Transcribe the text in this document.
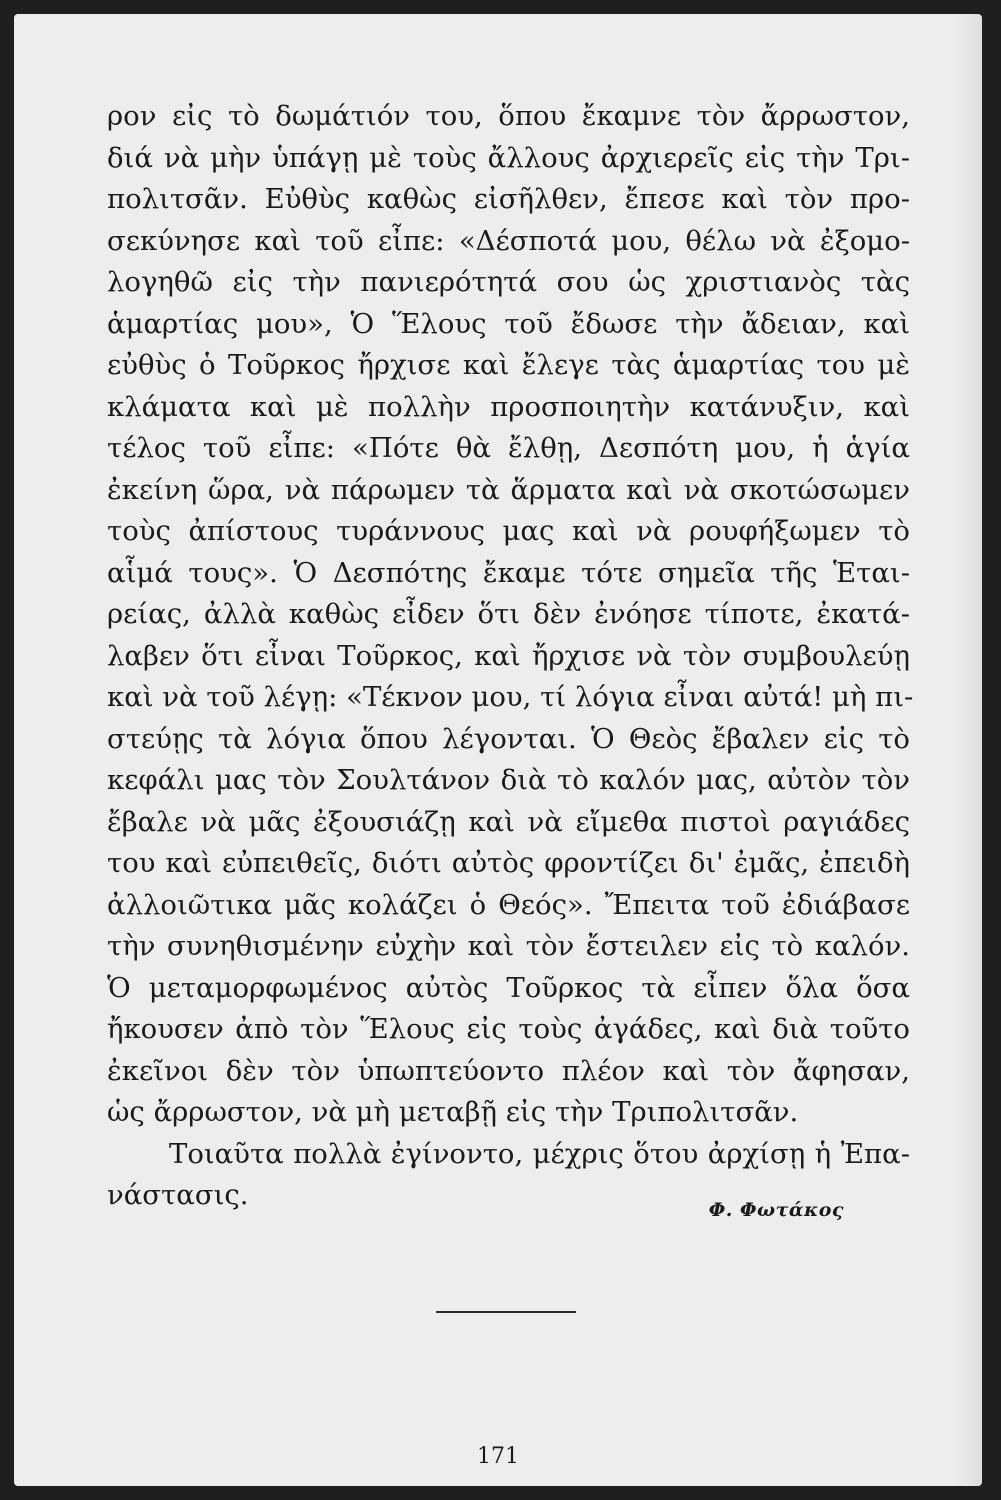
ρον εἰς τὸ δωμάτιόν του, ὅπου ἔκαμνε τὸν ἄρρωστον,
διά νὰ μὴν ὑπάγῃ μὲ τοὺς ἄλλους ἀρχιερεῖς εἰς τὴν Τρι-
πολιτσᾶν. Εὐθὺς καθὼς εἰσῆλθεν, ἔπεσε καὶ τὸν προ-
σεκύνησε καὶ τοῦ εἶπε: «Δέσποτά μου, θέλω νὰ ἐξομο-
λογηθῶ εἰς τὴν πανιερότητά σου ὡς χριστιανὸς τὰς
ἁμαρτίας μου», Ὁ Ἕλους τοῦ ἔδωσε τὴν ἄδειαν, καὶ
εὐθὺς ὁ Τοῦρκος ἤρχισε καὶ ἔλεγε τὰς ἁμαρτίας του μὲ
κλάματα καὶ μὲ πολλὴν προσποιητὴν κατάνυξιν, καὶ
τέλος τοῦ εἶπε: «Πότε θὰ ἔλθῃ, Δεσπότη μου, ἡ ἁγία
ἐκείνη ὥρα, νὰ πάρωμεν τὰ ἅρματα καὶ νὰ σκοτώσωμεν
τοὺς ἀπίστους τυράννους μας καὶ νὰ ρουφήξωμεν τὸ
αἷμά τους». Ὁ Δεσπότης ἔκαμε τότε σημεῖα τῆς Ἑται-
ρείας, ἀλλὰ καθὼς εἶδεν ὅτι δὲν ἐνόησε τίποτε, ἐκατά-
λαβεν ὅτι εἶναι Τοῦρκος, καὶ ἤρχισε νὰ τὸν συμβουλεύῃ
καὶ νὰ τοῦ λέγῃ: «Τέκνον μου, τί λόγια εἶναι αὐτά! μὴ πι-
στεύῃς τὰ λόγια ὅπου λέγονται. Ὁ Θεὸς ἔβαλεν εἰς τὸ
κεφάλι μας τὸν Σουλτάνον διὰ τὸ καλόν μας, αὐτὸν τὸν
ἔβαλε νὰ μᾶς ἐξουσιάζῃ καὶ νὰ εἴμεθα πιστοὶ ραγιάδες
του καὶ εὐπειθεῖς, διότι αὐτὸς φροντίζει δι' ἐμᾶς, ἐπειδὴ
ἀλλοιῶτικα μᾶς κολάζει ὁ Θεός». Ἔπειτα τοῦ ἐδιάβασε
τὴν συνηθισμένην εὐχὴν καὶ τὸν ἔστειλεν εἰς τὸ καλόν.
Ὁ μεταμορφωμένος αὐτὸς Τοῦρκος τὰ εἶπεν ὅλα ὅσα
ἤκουσεν ἀπὸ τὸν Ἕλους εἰς τοὺς ἀγάδες, καὶ διὰ τοῦτο
ἐκεῖνοι δὲν τὸν ὑπωπτεύοντο πλέον καὶ τὸν ἄφησαν,
ὡς ἄρρωστον, νὰ μὴ μεταβῇ εἰς τὴν Τριπολιτσᾶν.
Τοιαῦτα πολλὰ ἐγίνοντο, μέχρις ὅτου ἀρχίσῃ ἡ Ἐπα-
νάστασις.	Φ. Φωτάκος
171
